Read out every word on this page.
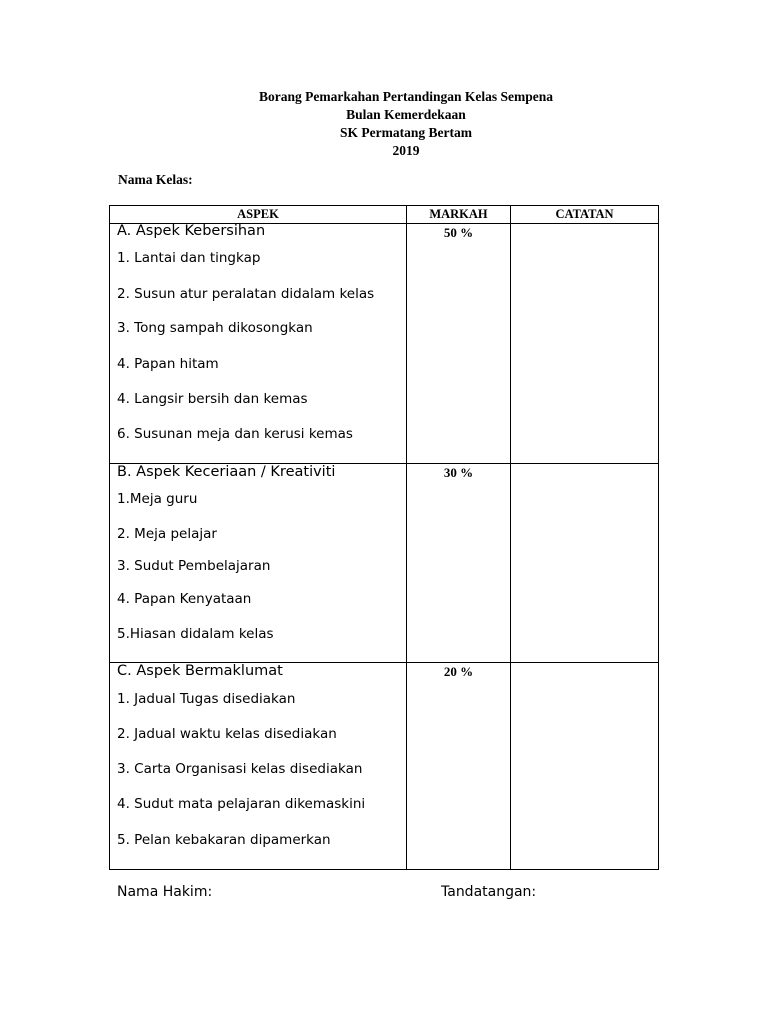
Borang Pemarkahan Pertandingan Kelas Sempena
Bulan Kemerdekaan
SK Permatang Bertam
2019
Nama Kelas:
ASPEK	MARKAH	CATATAN
A. Aspek Kebersihan	50 %
1. Lantai dan tingkap
2. Susun atur peralatan didalam kelas
3. Tong sampah dikosongkan
4. Papan hitam
4. Langsir bersih dan kemas
6. Susunan meja dan kerusi kemas
B. Aspek Keceriaan / Kreativiti	30 %
1.Meja guru
2. Meja pelajar
3. Sudut Pembelajaran
4. Papan Kenyataan
5.Hiasan didalam kelas
C. Aspek Bermaklumat	20 %
1. Jadual Tugas disediakan
2. Jadual waktu kelas disediakan
3. Carta Organisasi kelas disediakan
4. Sudut mata pelajaran dikemaskini
5. Pelan kebakaran dipamerkan
Nama Hakim:	Tandatangan:
